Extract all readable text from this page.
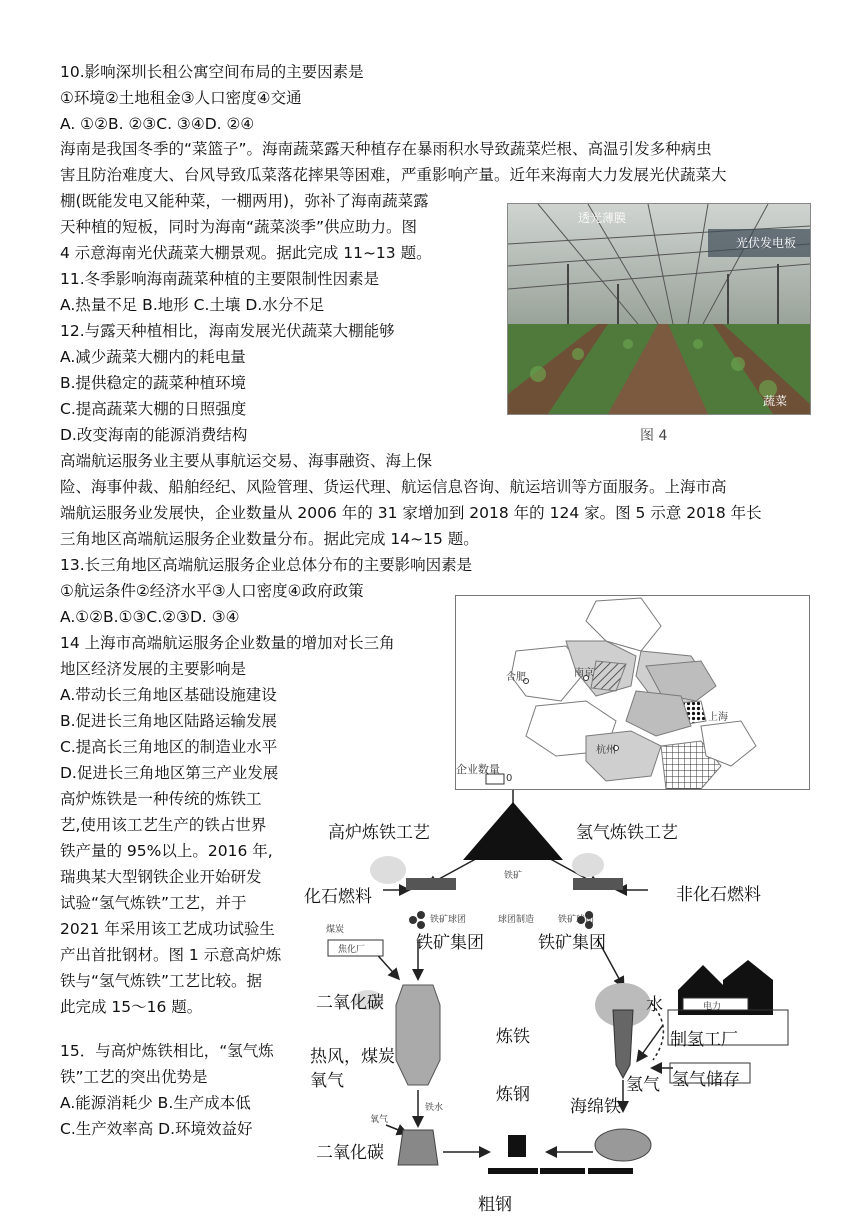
10.影响深圳长租公寓空间布局的主要因素是
①环境②土地租金③人口密度④交通
A. ①②B. ②③C. ③④D. ②④
海南是我国冬季的“菜篮子”。海南蔬菜露天种植存在暴雨积水导致蔬菜烂根、高温引发多种病虫
害且防治难度大、台风导致瓜菜落花摔果等困难，严重影响产量。近年来海南大力发展光伏蔬菜大
棚(既能发电又能种菜，一棚两用)，弥补了海南蔬菜露
天种植的短板，同时为海南“蔬菜淡季”供应助力。图
4 示意海南光伏蔬菜大棚景观。据此完成 11~13 题。
11.冬季影响海南蔬菜种植的主要限制性因素是
A.热量不足 B.地形 C.土壤 D.水分不足
12.与露天种植相比，海南发展光伏蔬菜大棚能够
A.减少蔬菜大棚内的耗电量
B.提供稳定的蔬菜种植环境
C.提高蔬菜大棚的日照强度
D.改变海南的能源消费结构
透光薄膜
光伏发电板
蔬菜
图 4
高端航运服务业主要从事航运交易、海事融资、海上保
险、海事仲裁、船舶经纪、风险管理、货运代理、航运信息咨询、航运培训等方面服务。上海市高
端航运服务业发展快，企业数量从 2006 年的 31 家增加到 2018 年的 124 家。图 5 示意 2018 年长
三角地区高端航运服务企业数量分布。据此完成 14~15 题。
13.长三角地区高端航运服务企业总体分布的主要影响因素是
①航运条件②经济水平③人口密度④政府政策
A.①②B.①③C.②③D. ③④
14 上海市高端航运服务企业数量的增加对长三角
地区经济发展的主要影响是
A.带动长三角地区基础设施建设
B.促进长三角地区陆路运输发展
C.提高长三角地区的制造业水平
D.促进长三角地区第三产业发展
合肥	南京
上海
杭州
企业数量
0
高炉炼铁是一种传统的炼铁工
艺,使用该工艺生产的铁占世界
铁产量的 95%以上。2016 年,
瑞典某大型钢铁企业开始研发
试验“氢气炼铁”工艺，并于
2021 年采用该工艺成功试验生
产出首批钢材。图 1 示意高炉炼
铁与“氢气炼铁”工艺比较。据
此完成 15～16 题。
15．与高炉炼铁相比，“氢气炼
铁”工艺的突出优势是
A.能源消耗少 B.生产成本低
C.生产效率高 D.环境效益好
高炉炼铁工艺	氢气炼铁工艺
化石燃料	非化石燃料
铁矿
铁矿球团	球团制造	铁矿球团
铁矿集团	铁矿集团
煤炭
焦化厂
二氧化碳
炼铁
热风，煤炭
氧气
炼钢
铁水
氧气
二氧化碳
粗钢
水	电力
制氢工厂
氢气 氢气储存
海绵铁
